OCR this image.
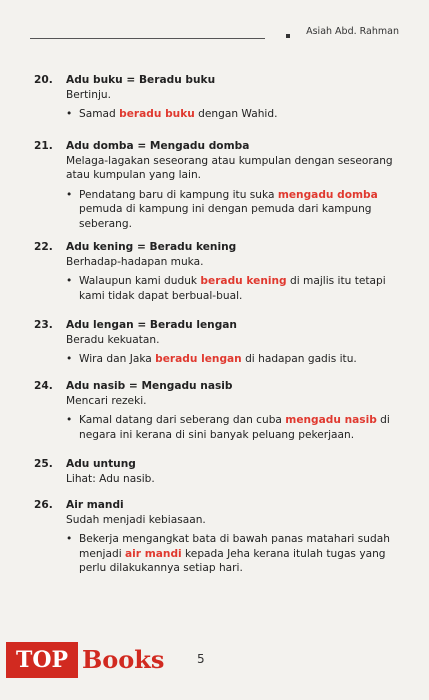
Asiah Abd. Rahman
20. Adu buku = Beradu buku
Bertinju.
• Samad beradu buku dengan Wahid.
21. Adu domba = Mengadu domba
Melaga-lagakan seseorang atau kumpulan dengan seseorang atau kumpulan yang lain.
• Pendatang baru di kampung itu suka mengadu domba pemuda di kampung ini dengan pemuda dari kampung seberang.
22. Adu kening = Beradu kening
Berhadap-hadapan muka.
• Walaupun kami duduk beradu kening di majlis itu tetapi kami tidak dapat berbual-bual.
23. Adu lengan = Beradu lengan
Beradu kekuatan.
• Wira dan Jaka beradu lengan di hadapan gadis itu.
24. Adu nasib = Mengadu nasib
Mencari rezeki.
• Kamal datang dari seberang dan cuba mengadu nasib di negara ini kerana di sini banyak peluang pekerjaan.
25. Adu untung
Lihat: Adu nasib.
26. Air mandi
Sudah menjadi kebiasaan.
• Bekerja mengangkat bata di bawah panas matahari sudah menjadi air mandi kepada Jeha kerana itulah tugas yang perlu dilakukannya setiap hari.
TOP Books	5
